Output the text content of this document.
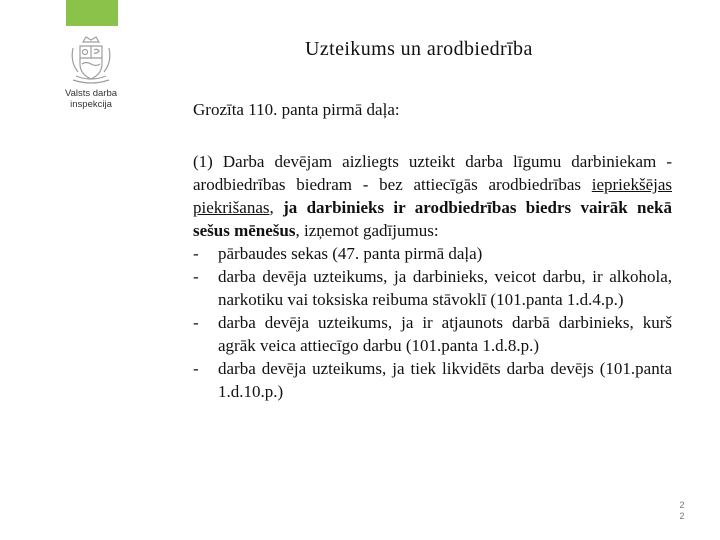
Valsts darba
inspekcija
Uzteikums un arodbiedrība
Grozīta 110. panta pirmā daļa:
(1) Darba devējam aizliegts uzteikt darba līgumu darbiniekam - arodbiedrības biedram - bez attiecīgās arodbiedrības iepriekšējas piekrišanas, ja darbinieks ir arodbiedrības biedrs vairāk nekā sešus mēnešus, izņemot gadījumus:
- pārbaudes sekas (47. panta pirmā daļa)
- darba devēja uzteikums, ja darbinieks, veicot darbu, ir alkohola, narkotiku vai toksiska reibuma stāvoklī (101.panta 1.d.4.p.)
- darba devēja uzteikums, ja ir atjaunots darbā darbinieks, kurš agrāk veica attiecīgo darbu (101.panta 1.d.8.p.)
- darba devēja uzteikums, ja tiek likvidēts darba devējs (101.panta 1.d.10.p.)
2
2
